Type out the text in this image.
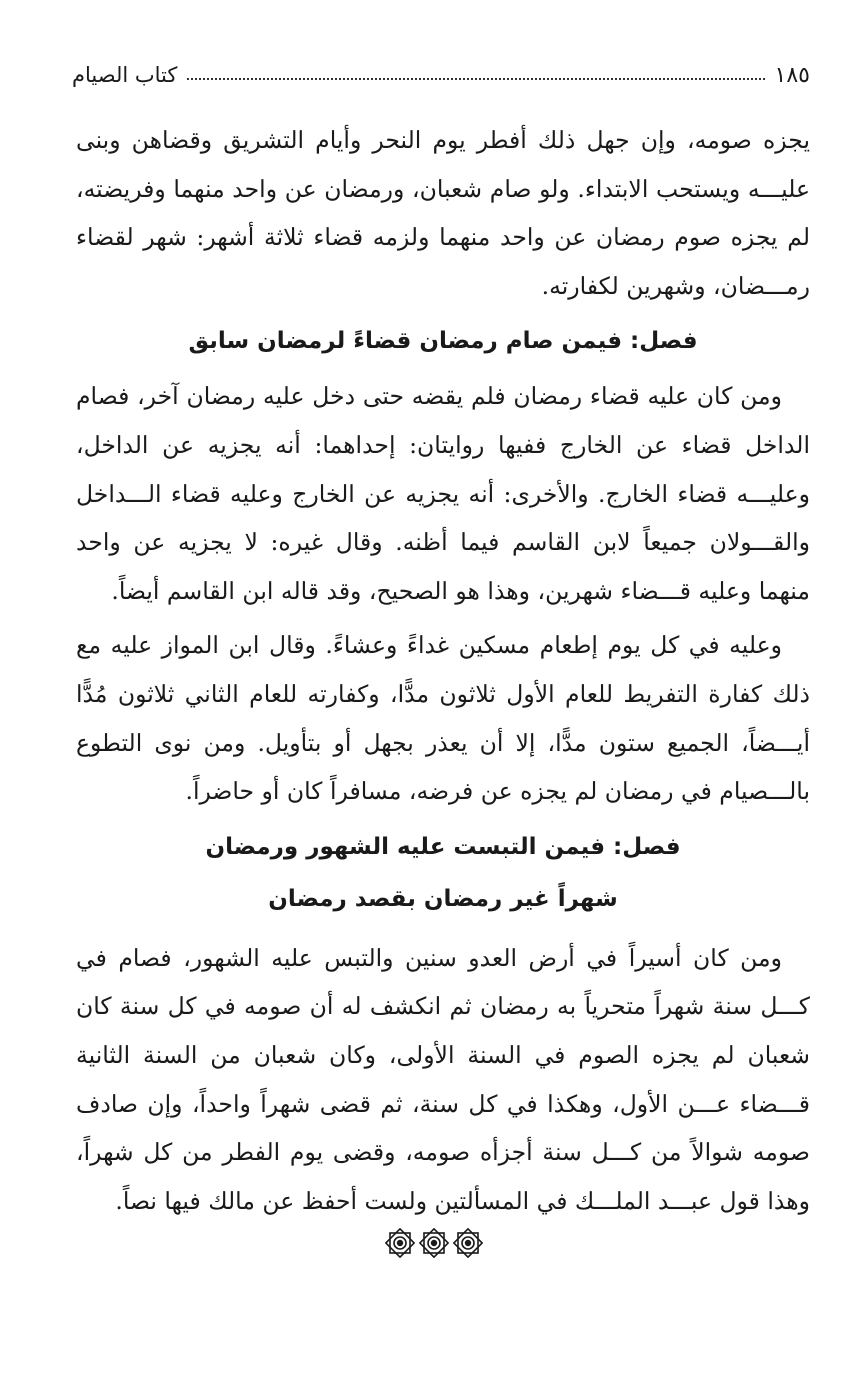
١٨٥
كتاب الصيام

يجزه صومه، وإن جهل ذلك أفطر يوم النحر وأيام التشريق وقضاهن وبنى عليـــه ويستحب الابتداء. ولو صام شعبان، ورمضان عن واحد منهما وفريضته، لم يجزه صوم رمضان عن واحد منهما ولزمه قضاء ثلاثة أشهر: شهر لقضاء رمـــضان، وشهرين لكفارته.

فصل: فيمن صام رمضان قضاءً لرمضان سابق

ومن كان عليه قضاء رمضان فلم يقضه حتى دخل عليه رمضان آخر، فصام الداخل قضاء عن الخارج ففيها روايتان: إحداهما: أنه يجزيه عن الداخل، وعليـــه قضاء الخارج. والأخرى: أنه يجزيه عن الخارج وعليه قضاء الـــداخل والقـــولان جميعاً لابن القاسم فيما أظنه. وقال غيره: لا يجزيه عن واحد منهما وعليه قـــضاء شهرين، وهذا هو الصحيح، وقد قاله ابن القاسم أيضاً.

وعليه في كل يوم إطعام مسكين غداءً وعشاءً. وقال ابن المواز عليه مع ذلك كفارة التفريط للعام الأول ثلاثون مدًّا، وكفارته للعام الثاني ثلاثون مُدًّا أيـــضاً، الجميع ستون مدًّا، إلا أن يعذر بجهل أو بتأويل. ومن نوى التطوع بالـــصيام في رمضان لم يجزه عن فرضه، مسافراً كان أو حاضراً.

فصل: فيمن التبست عليه الشهور ورمضان
شهراً غير رمضان بقصد رمضان

ومن كان أسيراً في أرض العدو سنين والتبس عليه الشهور، فصام في كـــل سنة شهراً متحرياً به رمضان ثم انكشف له أن صومه في كل سنة كان شعبان لم يجزه الصوم في السنة الأولى، وكان شعبان من السنة الثانية قـــضاء عـــن الأول، وهكذا في كل سنة، ثم قضى شهراً واحداً، وإن صادف صومه شوالاً من كـــل سنة أجزأه صومه، وقضى يوم الفطر من كل شهراً، وهذا قول عبـــد الملـــك في المسألتين ولست أحفظ عن مالك فيها نصاً.
